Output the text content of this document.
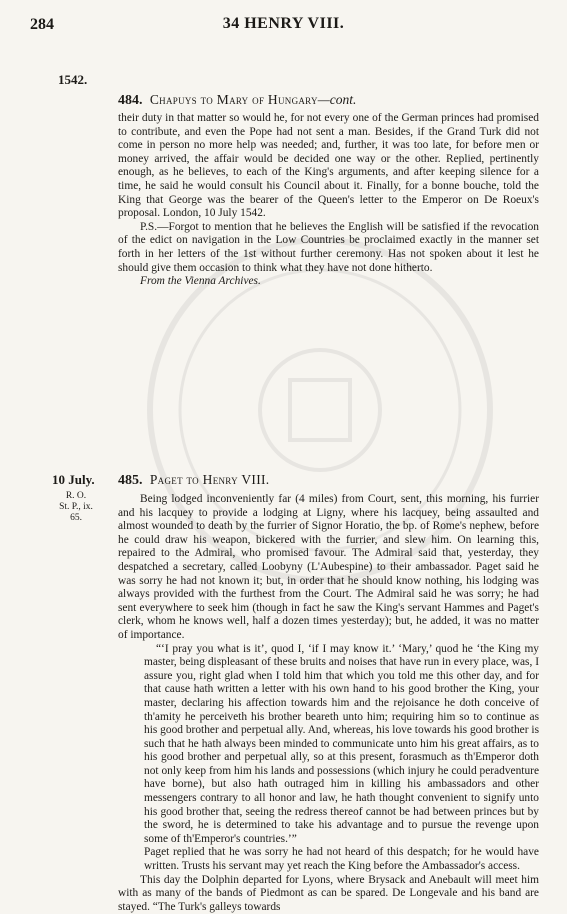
284	34 HENRY VIII.
1542.
484. Chapuys to Mary of Hungary—cont.

their duty in that matter so would he, for not every one of the German princes had promised to contribute, and even the Pope had not sent a man. Besides, if the Grand Turk did not come in person no more help was needed; and, further, it was too late, for before men or money arrived, the affair would be decided one way or the other. Replied, pertinently enough, as he believes, to each of the King's arguments, and after keeping silence for a time, he said he would consult his Council about it. Finally, for a bonne bouche, told the King that George was the bearer of the Queen's letter to the Emperor on De Roeux's proposal. London, 10 July 1542.

P.S.—Forgot to mention that he believes the English will be satisfied if the revocation of the edict on navigation in the Low Countries be proclaimed exactly in the manner set forth in her letters of the 1st without further ceremony. Has not spoken about it lest he should give them occasion to think what they have not done hitherto.

From the Vienna Archives.

10 July.
R. O.
St. P., ix.
65.
485. Paget to Henry VIII.

Being lodged inconveniently far (4 miles) from Court, sent, this morning, his furrier and his lacquey to provide a lodging at Ligny, where his lacquey, being assaulted and almost wounded to death by the furrier of Signor Horatio, the bp. of Rome's nephew, before he could draw his weapon, bickered with the furrier, and slew him. On learning this, repaired to the Admiral, who promised favour. The Admiral said that, yesterday, they despatched a secretary, called Loobyny (L'Aubespine) to their ambassador. Paget said he was sorry he had not known it; but, in order that he should know nothing, his lodging was always provided with the furthest from the Court. The Admiral said he was sorry; he had sent everywhere to seek him (though in fact he saw the King's servant Hammes and Paget's clerk, whom he knows well, half a dozen times yesterday); but, he added, it was no matter of importance.

“‘I pray you what is it’, quod I, ‘if I may know it.’ ‘Mary,’ quod he ‘the King my master, being displeasant of these bruits and noises that have run in every place, was, I assure you, right glad when I told him that which you told me this other day, and for that cause hath written a letter with his own hand to his good brother the King, your master, declaring his affection towards him and the rejoisance he doth conceive of th'amity he perceiveth his brother beareth unto him; requiring him so to continue as his good brother and perpetual ally. And, whereas, his love towards his good brother is such that he hath always been minded to communicate unto him his great affairs, as to his good brother and perpetual ally, so at this present, forasmuch as th'Emperor doth not only keep from him his lands and possessions (which injury he could peradventure have borne), but also hath outraged him in killing his ambassadors and other messengers contrary to all honor and law, he hath thought convenient to signify unto his good brother that, seeing the redress thereof cannot be had between princes but by the sword, he is determined to take his advantage and to pursue the revenge upon some of th'Emperor's countries.’”

Paget replied that he was sorry he had not heard of this despatch; for he would have written. Trusts his servant may yet reach the King before the Ambassador's access.

This day the Dolphin departed for Lyons, where Brysack and Anebault will meet him with as many of the bands of Piedmont as can be spared. De Longevale and his band are stayed. “The Turk's galleys towards
